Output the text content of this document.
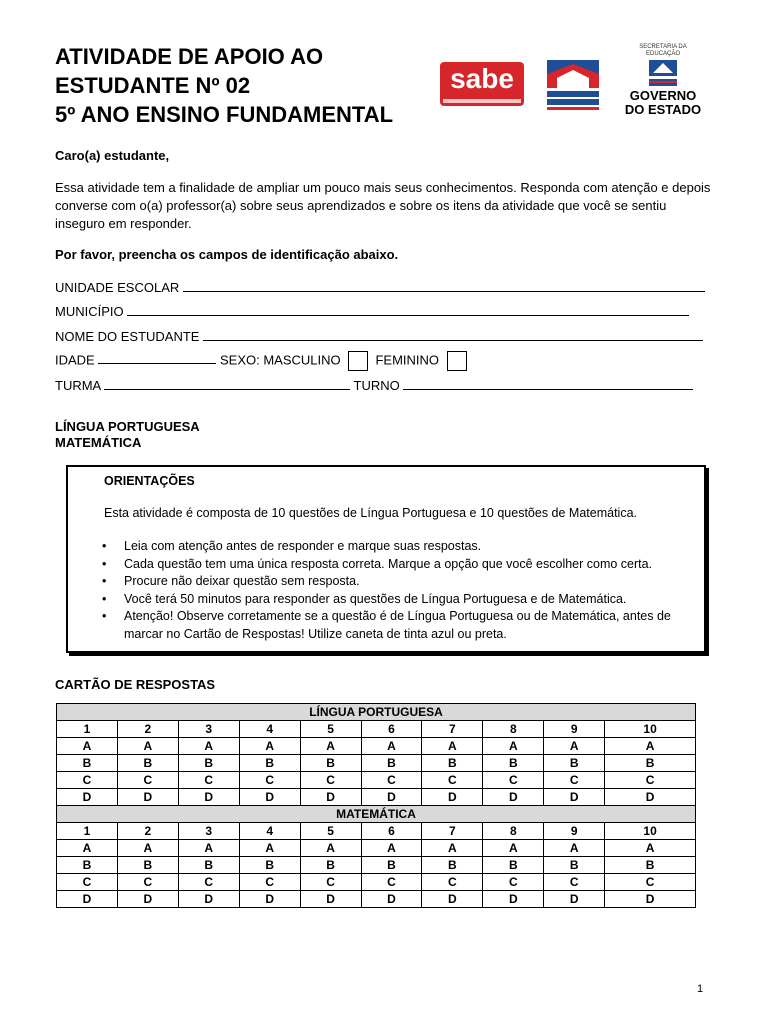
ATIVIDADE DE APOIO AO
ESTUDANTE Nº 02
5º ANO ENSINO FUNDAMENTAL
sabe
SECRETARIA DA EDUCAÇÃO
GOVERNO
DO ESTADO
Caro(a) estudante,
Essa atividade tem a finalidade de ampliar um pouco mais seus conhecimentos. Responda com atenção e depois converse com o(a) professor(a) sobre seus aprendizados e sobre os itens da atividade que você se sentiu inseguro em responder.
Por favor, preencha os campos de identificação abaixo.
UNIDADE ESCOLAR
MUNICÍPIO
NOME DO ESTUDANTE
IDADE	SEXO: MASCULINO	FEMININO
TURMA	TURNO
LÍNGUA PORTUGUESA
MATEMÁTICA
ORIENTAÇÕES
Esta atividade é composta de 10 questões de Língua Portuguesa e 10 questões de Matemática.
• Leia com atenção antes de responder e marque suas respostas.
• Cada questão tem uma única resposta correta. Marque a opção que você escolher como certa.
• Procure não deixar questão sem resposta.
• Você terá 50 minutos para responder as questões de Língua Portuguesa e de Matemática.
• Atenção! Observe corretamente se a questão é de Língua Portuguesa ou de Matemática, antes de marcar no Cartão de Respostas! Utilize caneta de tinta azul ou preta.
CARTÃO DE RESPOSTAS
LÍNGUA PORTUGUESA									
1	2	3	4	5	6	7	8	9	10
A	A	A	A	A	A	A	A	A	A
B	B	B	B	B	B	B	B	B	B
C	C	C	C	C	C	C	C	C	C
D	D	D	D	D	D	D	D	D	D
MATEMÁTICA									
1	2	3	4	5	6	7	8	9	10
A	A	A	A	A	A	A	A	A	A
B	B	B	B	B	B	B	B	B	B
C	C	C	C	C	C	C	C	C	C
D	D	D	D	D	D	D	D	D	D
1
